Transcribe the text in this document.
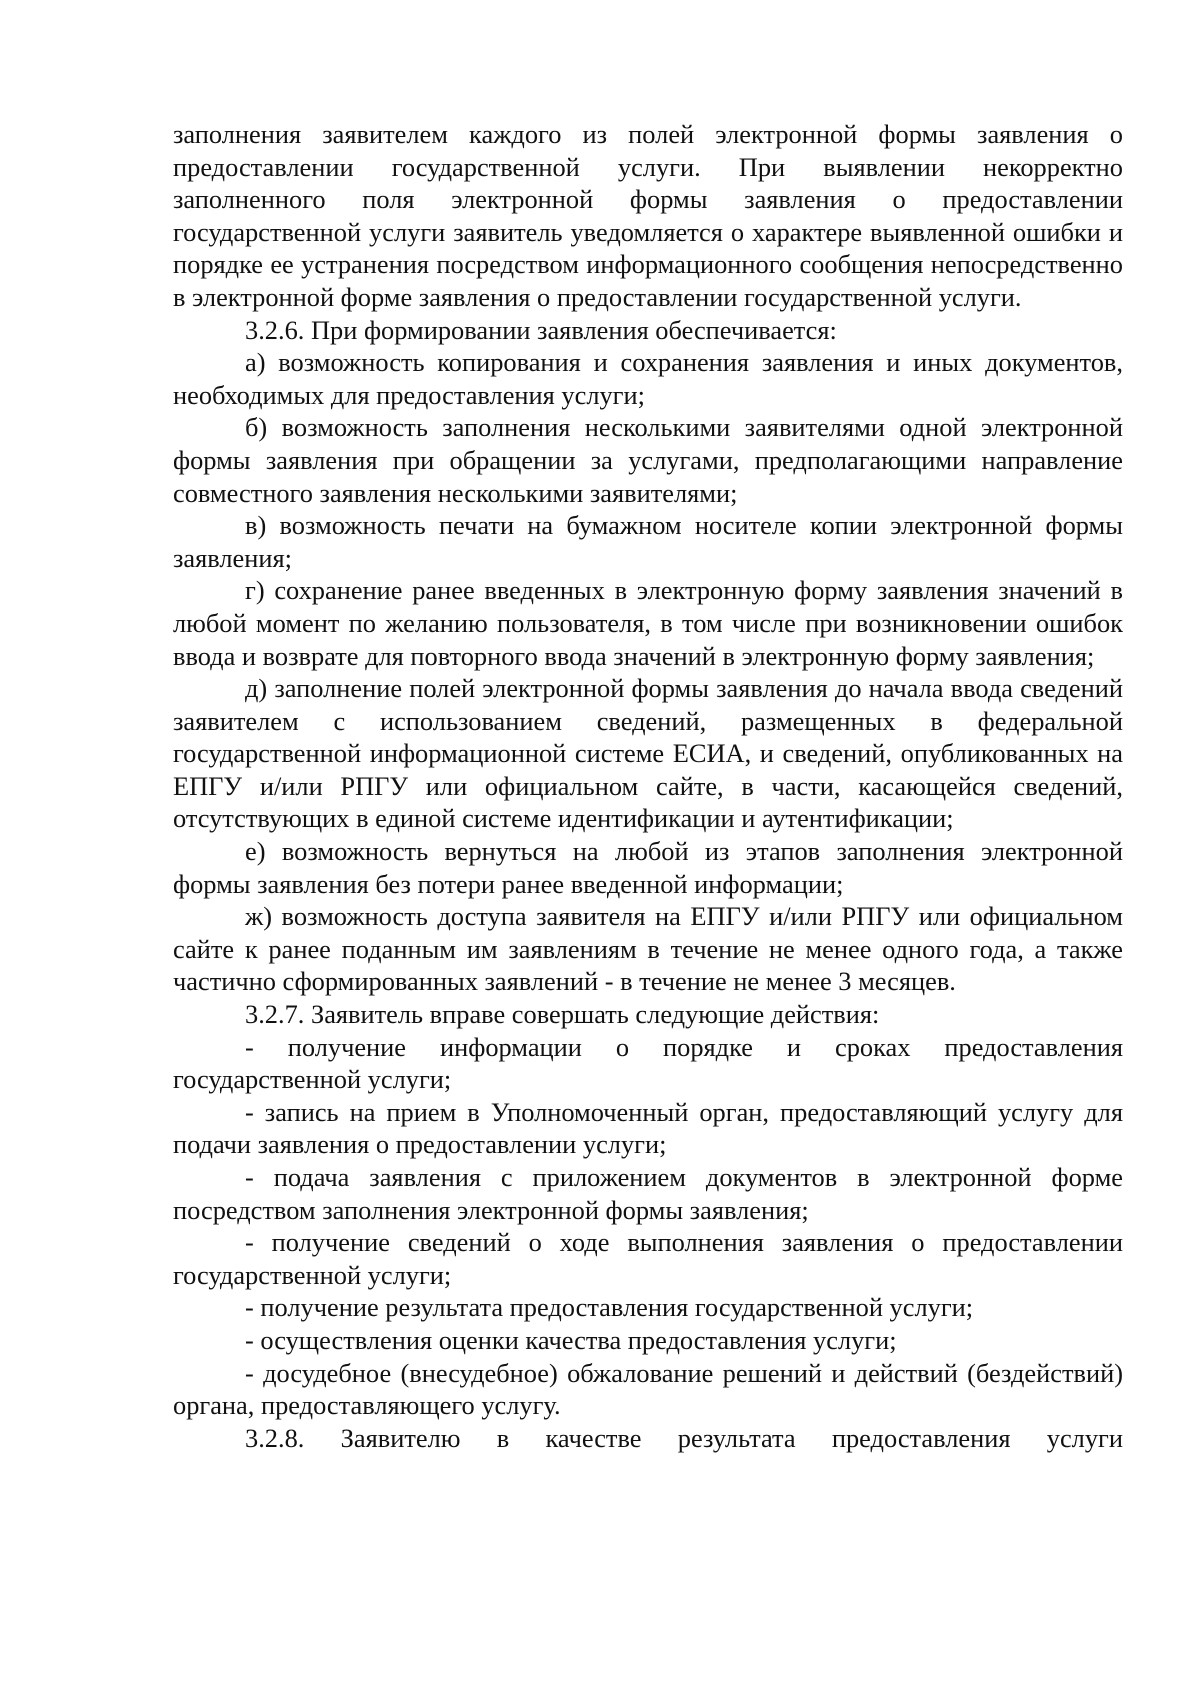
заполнения заявителем каждого из полей электронной формы заявления о предоставлении государственной услуги. При выявлении некорректно заполненного поля электронной формы заявления о предоставлении государственной услуги заявитель уведомляется о характере выявленной ошибки и порядке ее устранения посредством информационного сообщения непосредственно в электронной форме заявления о предоставлении государственной услуги.

3.2.6. При формировании заявления обеспечивается:

а) возможность копирования и сохранения заявления и иных документов, необходимых для предоставления услуги;

б) возможность заполнения несколькими заявителями одной электронной формы заявления при обращении за услугами, предполагающими направление совместного заявления несколькими заявителями;

в) возможность печати на бумажном носителе копии электронной формы заявления;

г) сохранение ранее введенных в электронную форму заявления значений в любой момент по желанию пользователя, в том числе при возникновении ошибок ввода и возврате для повторного ввода значений в электронную форму заявления;

д) заполнение полей электронной формы заявления до начала ввода сведений заявителем с использованием сведений, размещенных в федеральной государственной информационной системе ЕСИА, и сведений, опубликованных на ЕПГУ и/или РПГУ или официальном сайте, в части, касающейся сведений, отсутствующих в единой системе идентификации и аутентификации;

е) возможность вернуться на любой из этапов заполнения электронной формы заявления без потери ранее введенной информации;

ж) возможность доступа заявителя на ЕПГУ и/или РПГУ или официальном сайте к ранее поданным им заявлениям в течение не менее одного года, а также частично сформированных заявлений - в течение не менее 3 месяцев.

3.2.7. Заявитель вправе совершать следующие действия:

- получение информации о порядке и сроках предоставления государственной услуги;

- запись на прием в Уполномоченный орган, предоставляющий услугу для подачи заявления о предоставлении услуги;

- подача заявления с приложением документов в электронной форме посредством заполнения электронной формы заявления;

- получение сведений о ходе выполнения заявления о предоставлении государственной услуги;

- получение результата предоставления государственной услуги;

- осуществления оценки качества предоставления услуги;

- досудебное (внесудебное) обжалование решений и действий (бездействий) органа, предоставляющего услугу.

3.2.8. Заявителю в качестве результата предоставления услуги
